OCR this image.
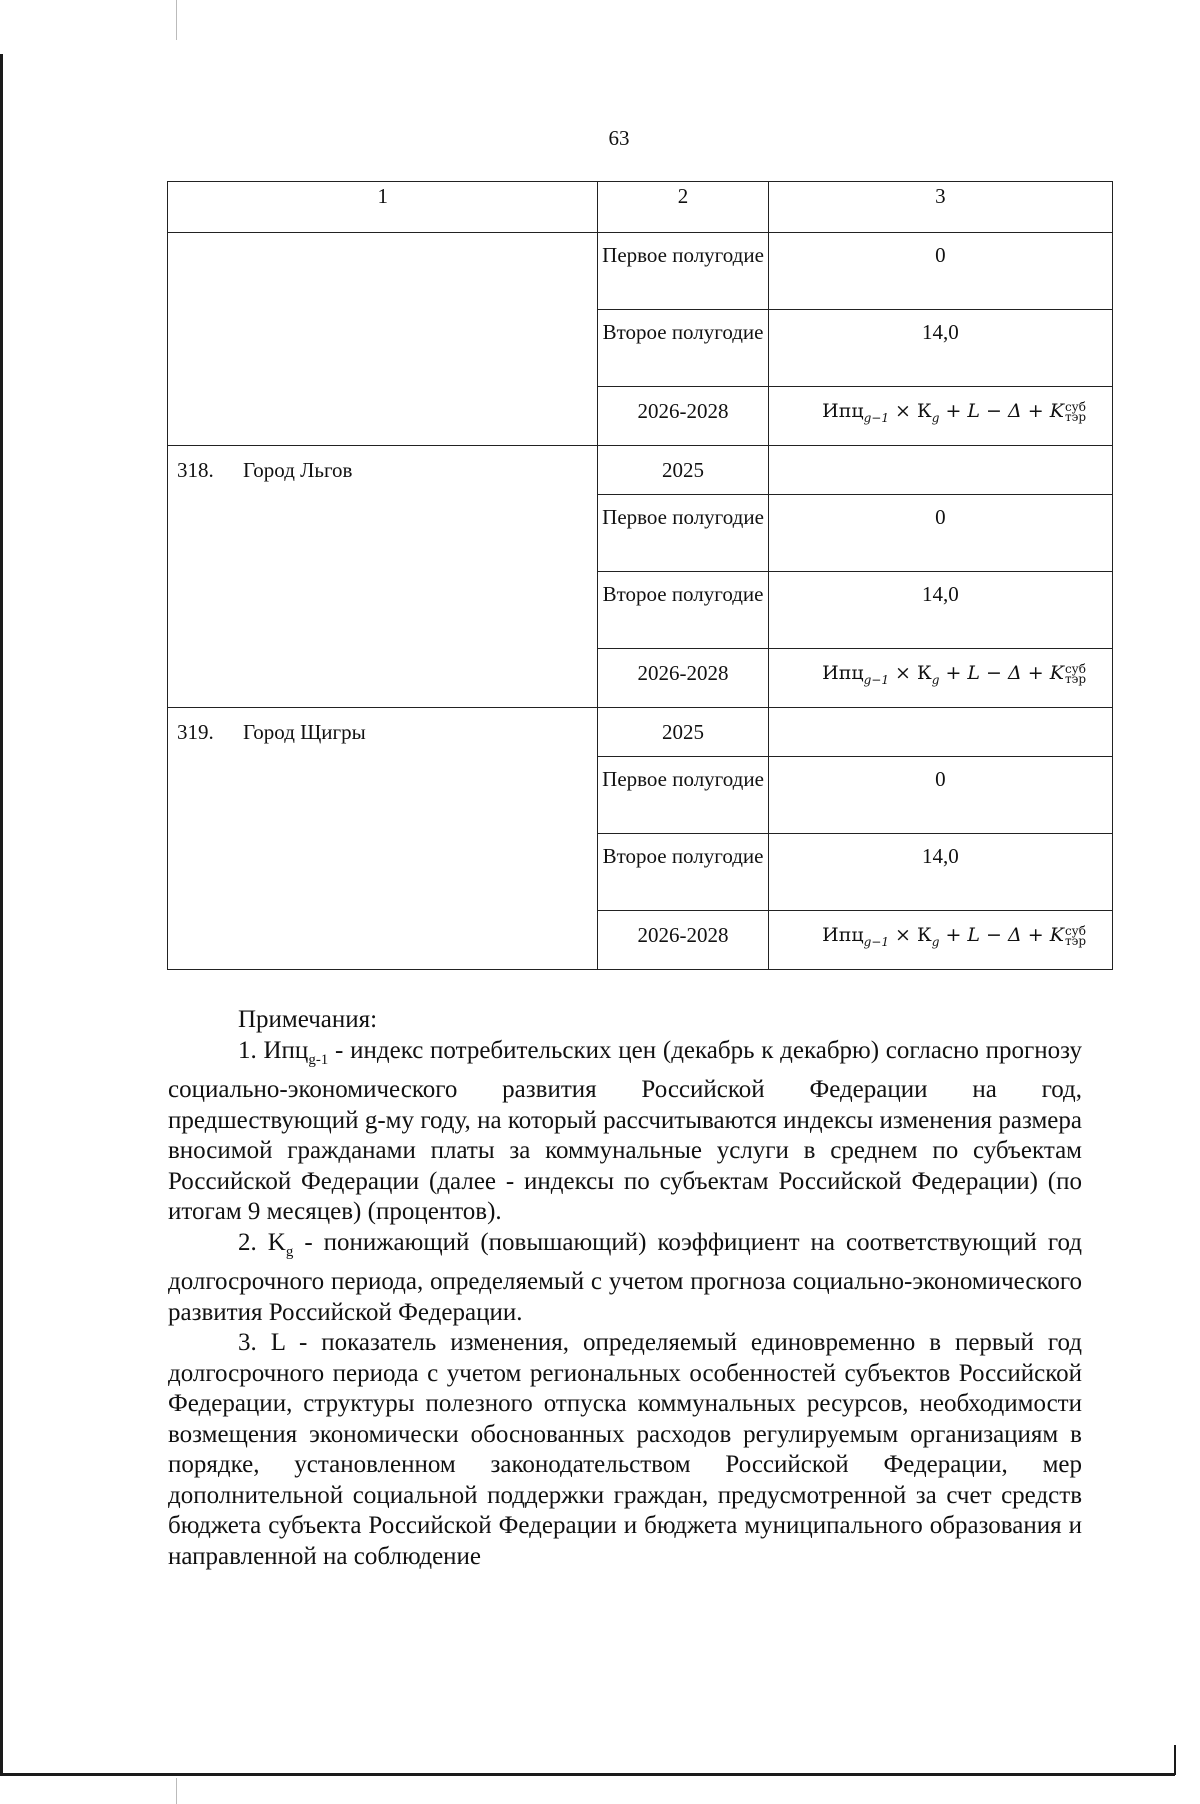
63
1	2	3

	Первое полугодие	0

	Второе полугодие	14,0

	2026-2028	$Ипц_{g-1} \times К_g + L - \Delta$ + Kсуб
тэр

318. Город Льгов	2025	

	Первое полугодие	0

	Второе полугодие	14,0

	2026-2028	$Ипц_{g-1} \times К_g + L - \Delta$ + Kсуб
тэр

319. Город Щигры	2025	

	Первое полугодие	0

	Второе полугодие	14,0

	2026-2028	$Ипц_{g-1} \times К_g + L - \Delta$ + Kсуб
тэр

Примечания:

1. Ипц$_{g-1}$ - индекс потребительских цен (декабрь к декабрю) согласно прогнозу социально-экономического развития Российской Федерации на год, предшествующий g-му году, на который рассчитываются индексы изменения размера вносимой гражданами платы за коммунальные услуги в среднем по субъектам Российской Федерации (далее - индексы по субъектам Российской Федерации) (по итогам 9 месяцев) (процентов).

2. $K_g$ - понижающий (повышающий) коэффициент на соответствующий год долгосрочного периода, определяемый с учетом прогноза социально-экономического развития Российской Федерации.

3. L - показатель изменения, определяемый единовременно в первый год долгосрочного периода с учетом региональных особенностей субъектов Российской Федерации, структуры полезного отпуска коммунальных ресурсов, необходимости возмещения экономически обоснованных расходов регулируемым организациям в порядке, установленном законодательством Российской Федерации, мер дополнительной социальной поддержки граждан, предусмотренной за счет средств бюджета субъекта Российской Федерации и бюджета муниципального образования и направленной на соблюдение
